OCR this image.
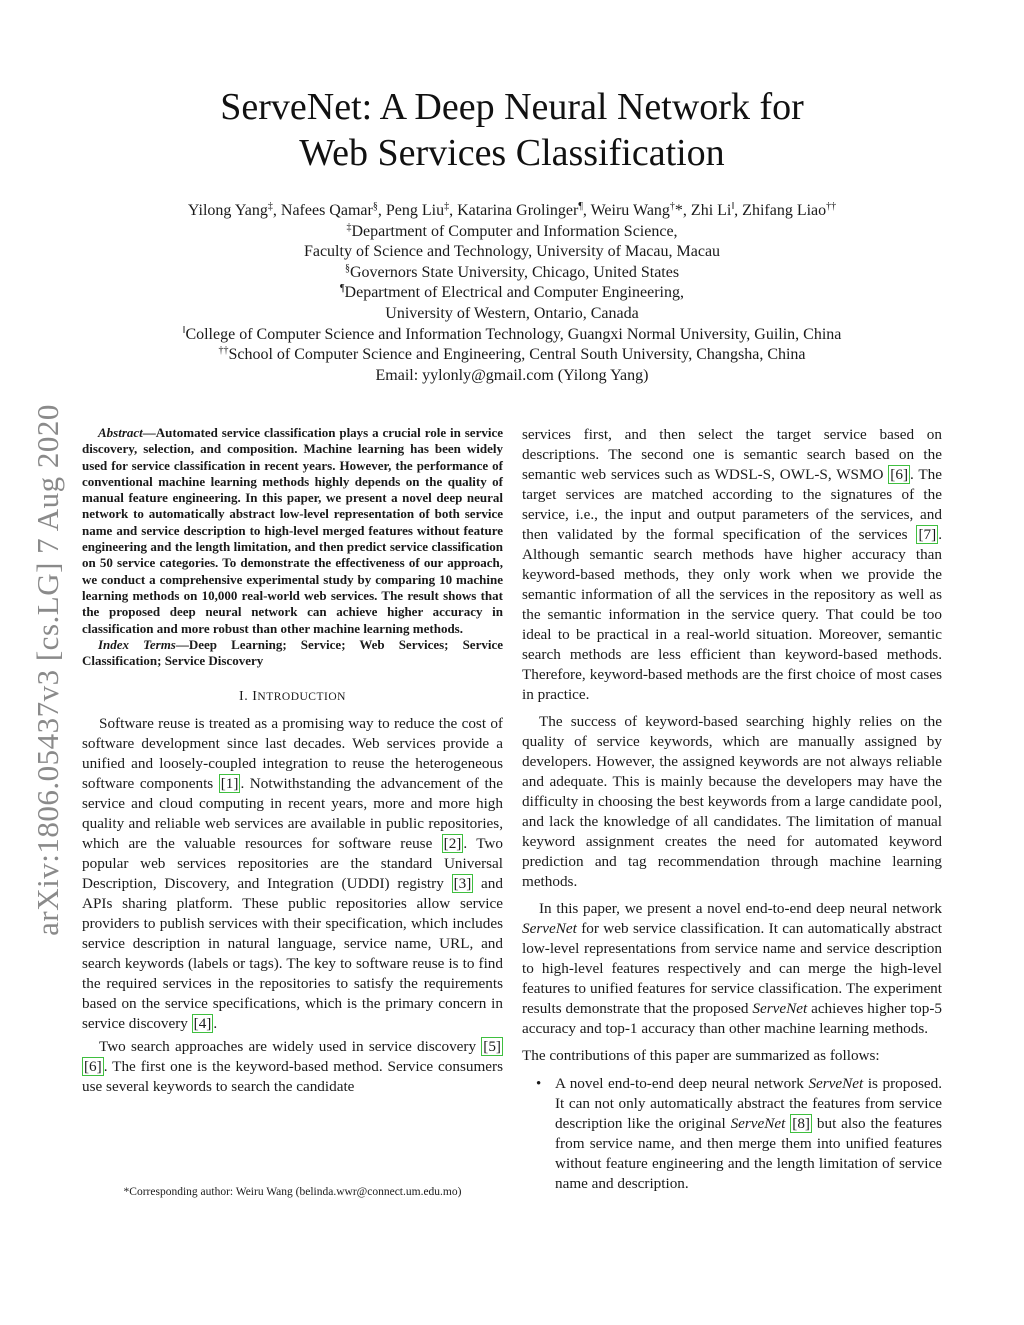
arXiv:1806.05437v3 [cs.LG] 7 Aug 2020
ServeNet: A Deep Neural Network for
Web Services Classification
Yilong Yang‡, Nafees Qamar§, Peng Liu‡, Katarina Grolinger¶, Weiru Wang†*, Zhi Li‖, Zhifang Liao††
‡Department of Computer and Information Science,
Faculty of Science and Technology, University of Macau, Macau
§Governors State University, Chicago, United States
¶Department of Electrical and Computer Engineering,
University of Western, Ontario, Canada
‖College of Computer Science and Information Technology, Guangxi Normal University, Guilin, China
††School of Computer Science and Engineering, Central South University, Changsha, China
Email: yylonly@gmail.com (Yilong Yang)
Abstract—Automated service classification plays a crucial role in service discovery, selection, and composition. Machine learning has been widely used for service classification in recent years. However, the performance of conventional machine learning methods highly depends on the quality of manual feature engineering. In this paper, we present a novel deep neural network to automatically abstract low-level representation of both service name and service description to high-level merged features without feature engineering and the length limitation, and then predict service classification on 50 service categories. To demonstrate the effectiveness of our approach, we conduct a comprehensive experimental study by comparing 10 machine learning methods on 10,000 real-world web services. The result shows that the proposed deep neural network can achieve higher accuracy in classification and more robust than other machine learning methods.
Index Terms—Deep Learning; Service; Web Services; Service Classification; Service Discovery
I. INTRODUCTION

Software reuse is treated as a promising way to reduce the cost of software development since last decades. Web services provide a unified and loosely-coupled integration to reuse the heterogeneous software components [1] . Notwithstanding the advancement of the service and cloud computing in recent years, more and more high quality and reliable web services are available in public repositories, which are the valuable resources for software reuse [2] . Two popular web services repositories are the standard Universal Description, Discovery, and Integration (UDDI) registry [3] and APIs sharing platform. These public repositories allow service providers to publish services with their specification, which includes service description in natural language, service name, URL, and search keywords (labels or tags). The key to software reuse is to find the required services in the repositories to satisfy the requirements based on the service specifications, which is the primary concern in service discovery [4] .

Two search approaches are widely used in service discovery [5] [6] . The first one is the keyword-based method. Service consumers use several keywords to search the candidate

*Corresponding author: Weiru Wang (belinda.wwr@connect.um.edu.mo)

services first, and then select the target service based on descriptions. The second one is semantic search based on the semantic web services such as WDSL-S, OWL-S, WSMO [6] . The target services are matched according to the signatures of the service, i.e., the input and output parameters of the services, and then validated by the formal specification of the services [7] . Although semantic search methods have higher accuracy than keyword-based methods, they only work when we provide the semantic information of all the services in the repository as well as the semantic information in the service query. That could be too ideal to be practical in a real-world situation. Moreover, semantic search methods are less efficient than keyword-based methods. Therefore, keyword-based methods are the first choice of most cases in practice.

The success of keyword-based searching highly relies on the quality of service keywords, which are manually assigned by developers. However, the assigned keywords are not always reliable and adequate. This is mainly because the developers may have the difficulty in choosing the best keywords from a large candidate pool, and lack the knowledge of all candidates. The limitation of manual keyword assignment creates the need for automated keyword prediction and tag recommendation through machine learning methods.

In this paper, we present a novel end-to-end deep neural network ServeNet for web service classification. It can automatically abstract low-level representations from service name and service description to high-level features respectively and can merge the high-level features to unified features for service classification. The experiment results demonstrate that the proposed ServeNet achieves higher top-5 accuracy and top-1 accuracy than other machine learning methods.

The contributions of this paper are summarized as follows:

• A novel end-to-end deep neural network ServeNet is proposed. It can not only automatically abstract the features from service description like the original ServeNet [8] but also the features from service name, and then merge them into unified features without feature engineering and the length limitation of service name and description.
